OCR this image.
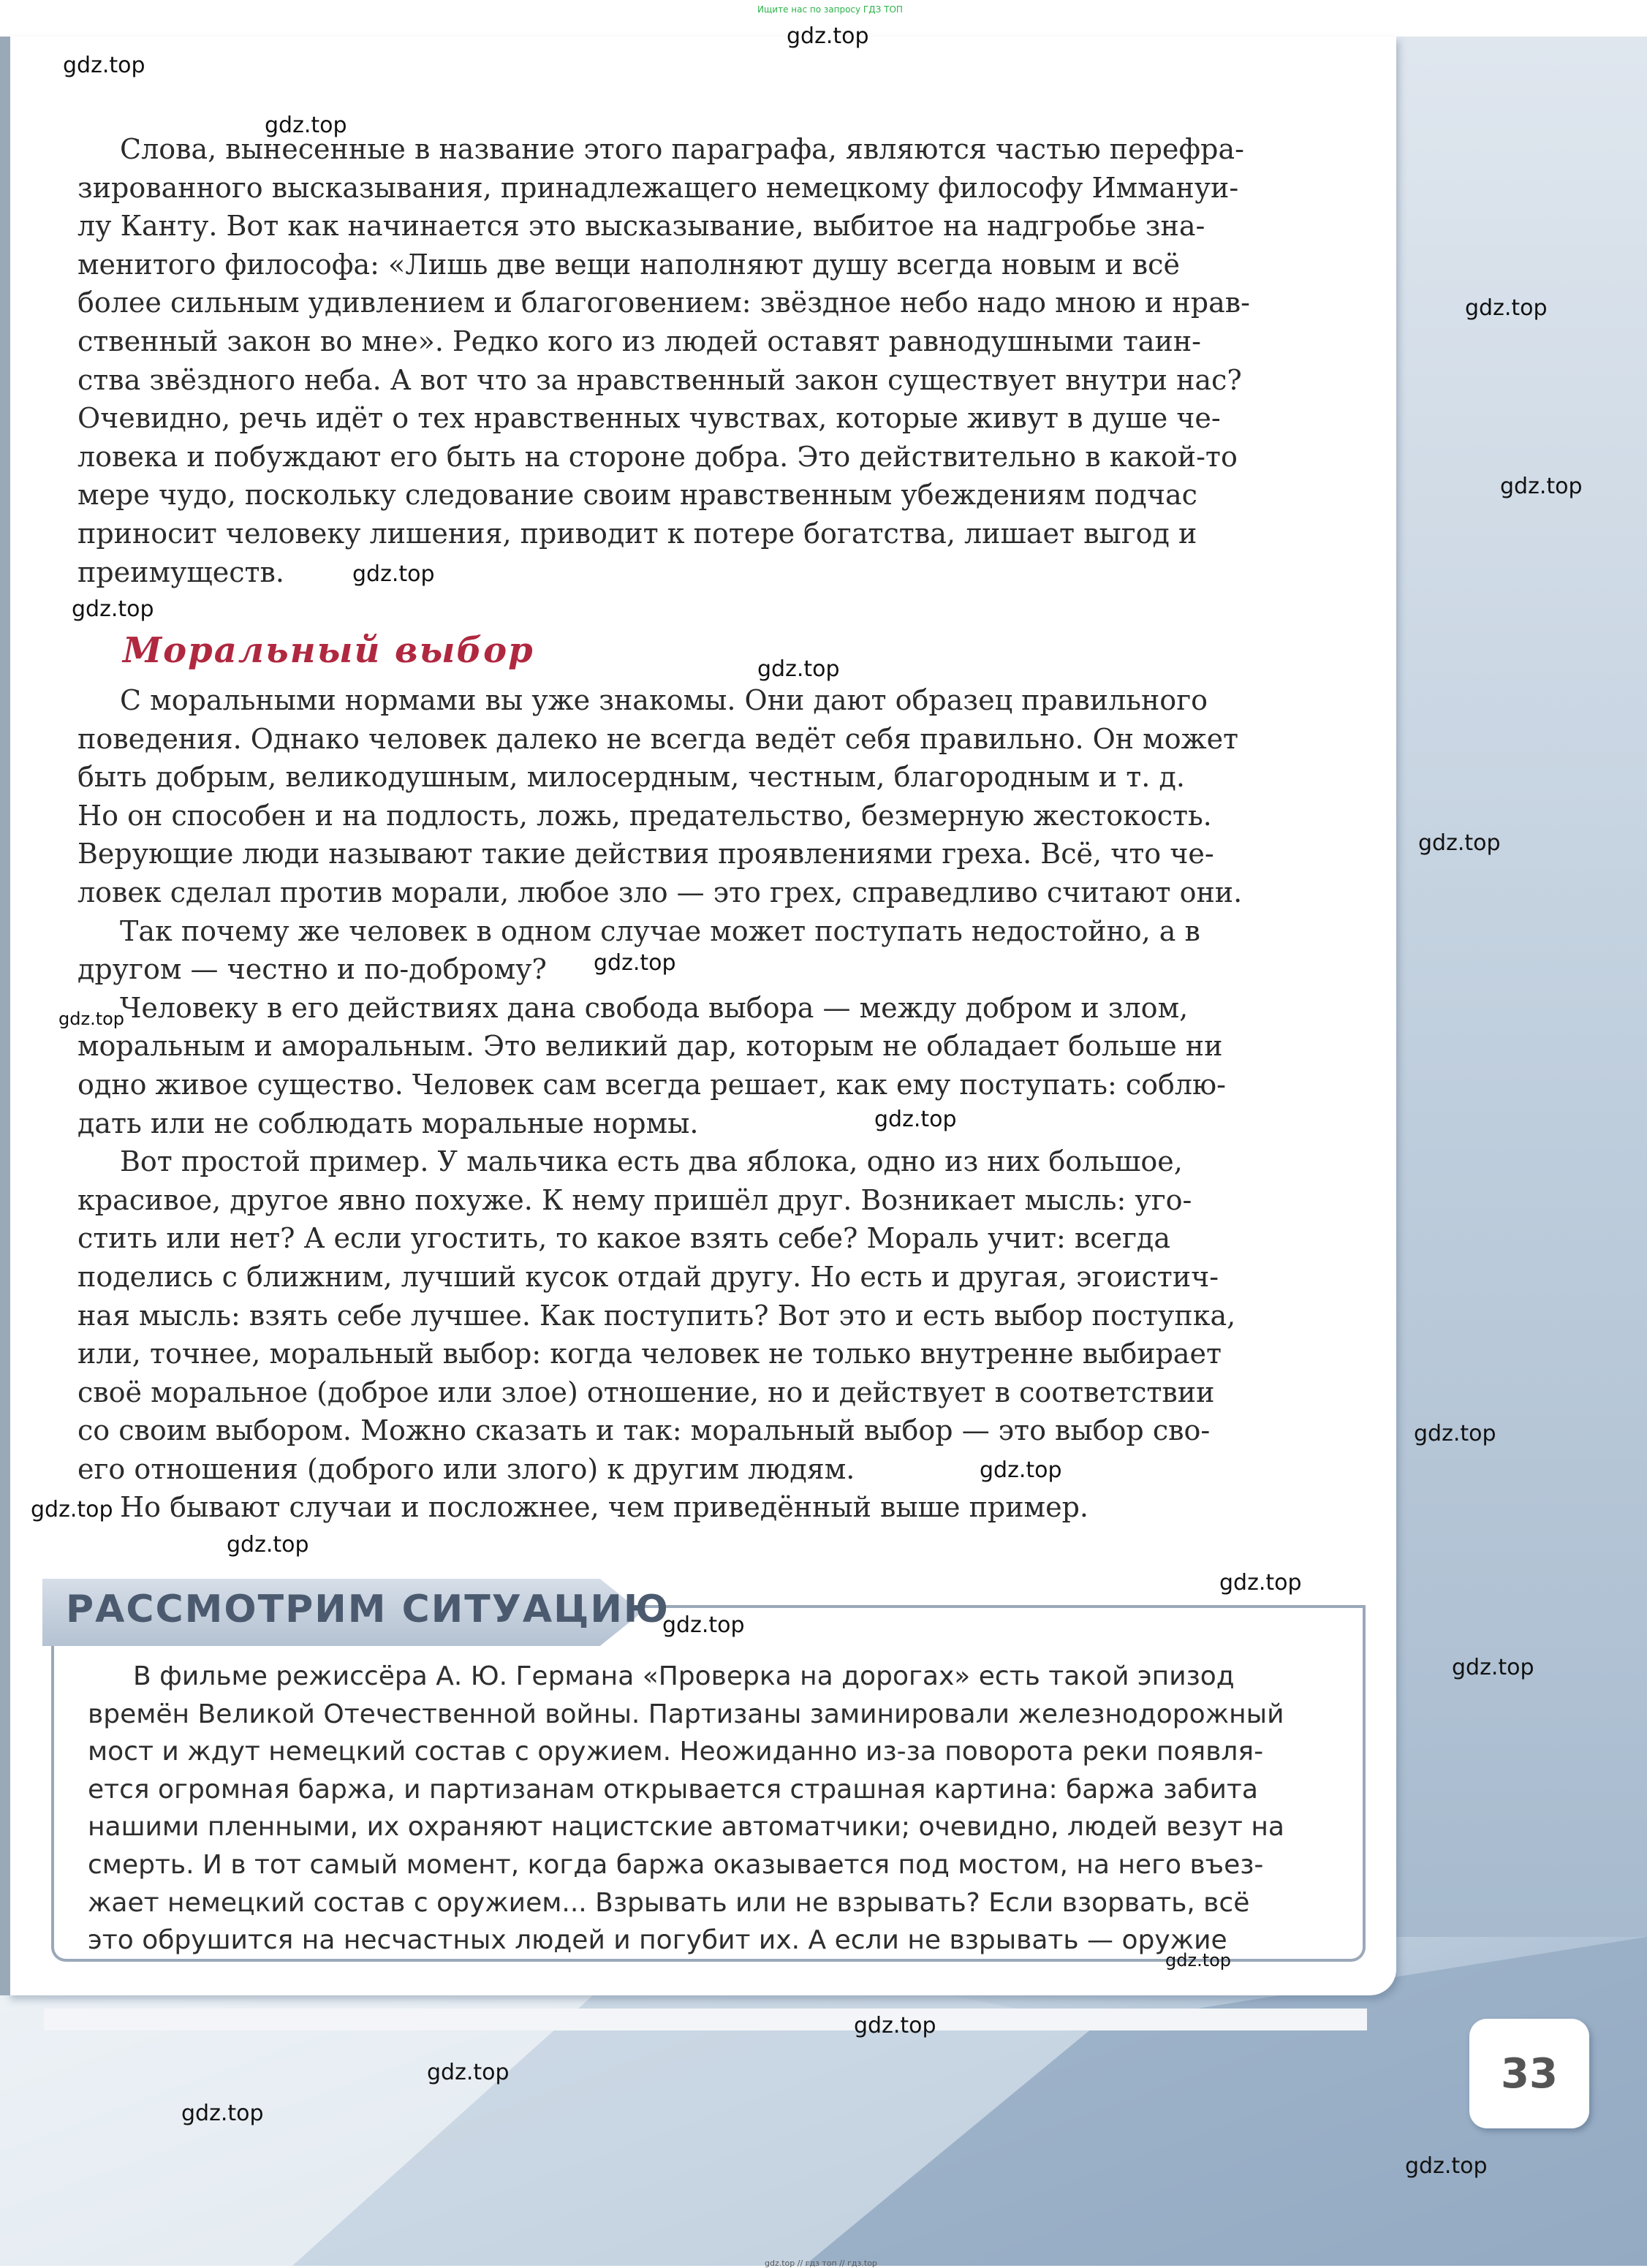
Ищите нас по запросу ГДЗ ТОП

Слова, вынесенные в название этого параграфа, являются частью перефра-
зированного высказывания, принадлежащего немецкому философу Иммануи-
лу Канту. Вот как начинается это высказывание, выбитое на надгробье зна-
менитого философа: «Лишь две вещи наполняют душу всегда новым и всё
более сильным удивлением и благоговением: звёздное небо надо мною и нрав-
ственный закон во мне». Редко кого из людей оставят равнодушными таин-
ства звёздного неба. А вот что за нравственный закон существует внутри нас?
Очевидно, речь идёт о тех нравственных чувствах, которые живут в душе че-
ловека и побуждают его быть на стороне добра. Это действительно в какой-то
мере чудо, поскольку следование своим нравственным убеждениям подчас
приносит человеку лишения, приводит к потере богатства, лишает выгод и
преимуществ.

Моральный выбор

С моральными нормами вы уже знакомы. Они дают образец правильного
поведения. Однако человек далеко не всегда ведёт себя правильно. Он может
быть добрым, великодушным, милосердным, честным, благородным и т. д.
Но он способен и на подлость, ложь, предательство, безмерную жестокость.
Верующие люди называют такие действия проявлениями греха. Всё, что че-
ловек сделал против морали, любое зло — это грех, справедливо считают они.

Так почему же человек в одном случае может поступать недостойно, а в
другом — честно и по-доброму?

Человеку в его действиях дана свобода выбора — между добром и злом,
моральным и аморальным. Это великий дар, которым не обладает больше ни
одно живое существо. Человек сам всегда решает, как ему поступать: соблю-
дать или не соблюдать моральные нормы.

Вот простой пример. У мальчика есть два яблока, одно из них большое,
красивое, другое явно похуже. К нему пришёл друг. Возникает мысль: уго-
стить или нет? А если угостить, то какое взять себе? Мораль учит: всегда
поделись с ближним, лучший кусок отдай другу. Но есть и другая, эгоистич-
ная мысль: взять себе лучшее. Как поступить? Вот это и есть выбор поступка,
или, точнее, моральный выбор: когда человек не только внутренне выбирает
своё моральное (доброе или злое) отношение, но и действует в соответствии
со своим выбором. Можно сказать и так: моральный выбор — это выбор сво-
его отношения (доброго или злого) к другим людям.

Но бывают случаи и посложнее, чем приведённый выше пример.

РАССМОТРИМ СИТУАЦИЮ

В фильме режиссёра А. Ю. Германа «Проверка на дорогах» есть такой эпизод
времён Великой Отечественной войны. Партизаны заминировали железнодорожный
мост и ждут немецкий состав с оружием. Неожиданно из-за поворота реки появля-
ется огромная баржа, и партизанам открывается страшная картина: баржа забита
нашими пленными, их охраняют нацистские автоматчики; очевидно, людей везут на
смерть. И в тот самый момент, когда баржа оказывается под мостом, на него въез-
жает немецкий состав с оружием... Взрывать или не взрывать? Если взорвать, всё
это обрушится на несчастных людей и погубит их. А если не взрывать — оружие

33
gdz.top
gdz.top
gdz.top
gdz.top
gdz.top
gdz.top
gdz.top
gdz.top
gdz.top
gdz.top
gdz.top
gdz.top
gdz.top
gdz.top
gdz.top
gdz.top
gdz.top
gdz.top
gdz.top
gdz.top
gdz.top
gdz.top
gdz.top
gdz.top
gdz.top // гдз топ // гдз.top
